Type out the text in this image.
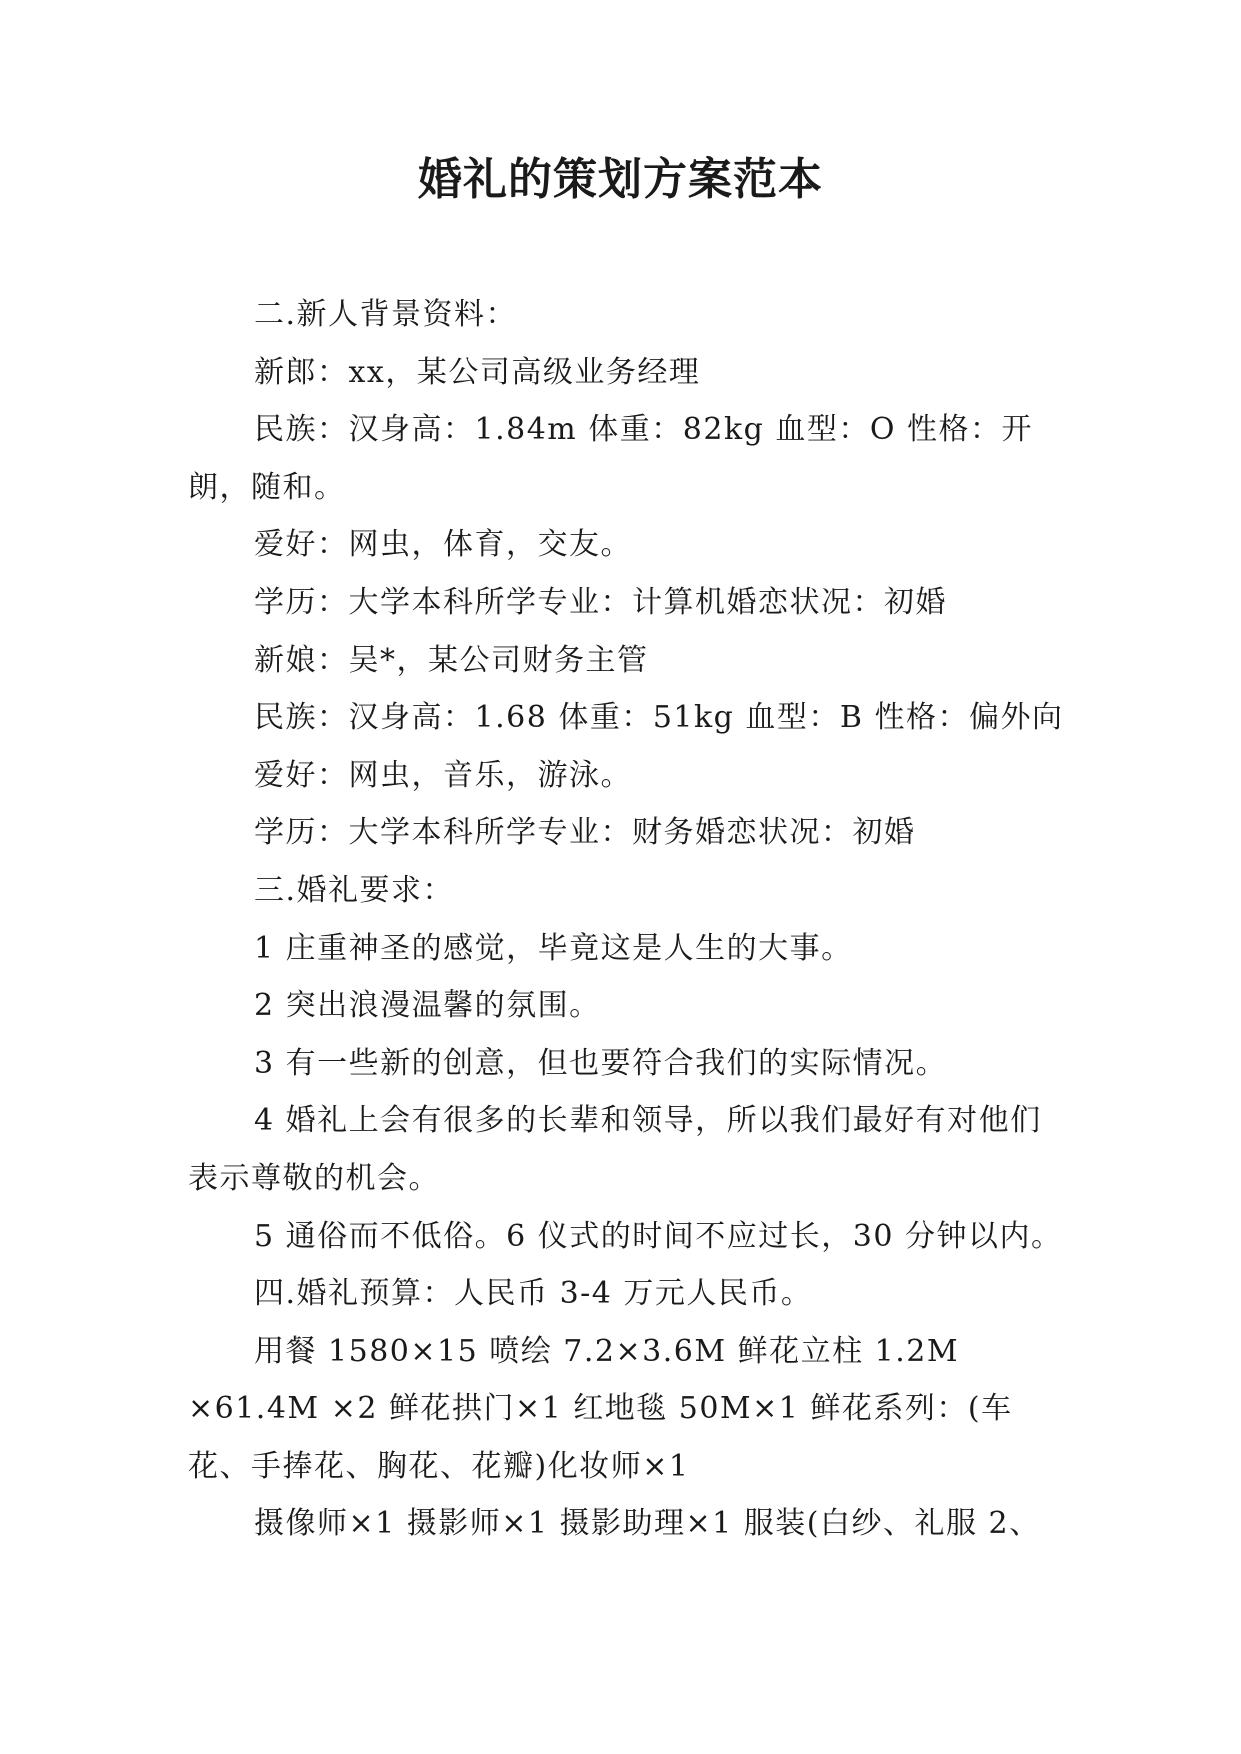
婚礼的策划方案范本

二.新人背景资料：

新郎：xx，某公司高级业务经理

民族：汉身高：1.84m 体重：82kg 血型：O 性格：开朗，随和。

爱好：网虫，体育，交友。

学历：大学本科所学专业：计算机婚恋状况：初婚

新娘：吴*，某公司财务主管

民族：汉身高：1.68 体重：51kg 血型：B 性格：偏外向

爱好：网虫，音乐，游泳。

学历：大学本科所学专业：财务婚恋状况：初婚

三.婚礼要求：

1 庄重神圣的感觉，毕竟这是人生的大事。

2 突出浪漫温馨的氛围。

3 有一些新的创意，但也要符合我们的实际情况。

4 婚礼上会有很多的长辈和领导，所以我们最好有对他们表示尊敬的机会。

5 通俗而不低俗。6 仪式的时间不应过长，30 分钟以内。

四.婚礼预算：人民币 3-4 万元人民币。

用餐 1580×15 喷绘 7.2×3.6M 鲜花立柱 1.2M ×61.4M ×2 鲜花拱门×1 红地毯 50M×1 鲜花系列：(车花、手捧花、胸花、花瓣)化妆师×1

摄像师×1 摄影师×1 摄影助理×1 服装(白纱、礼服 2、
